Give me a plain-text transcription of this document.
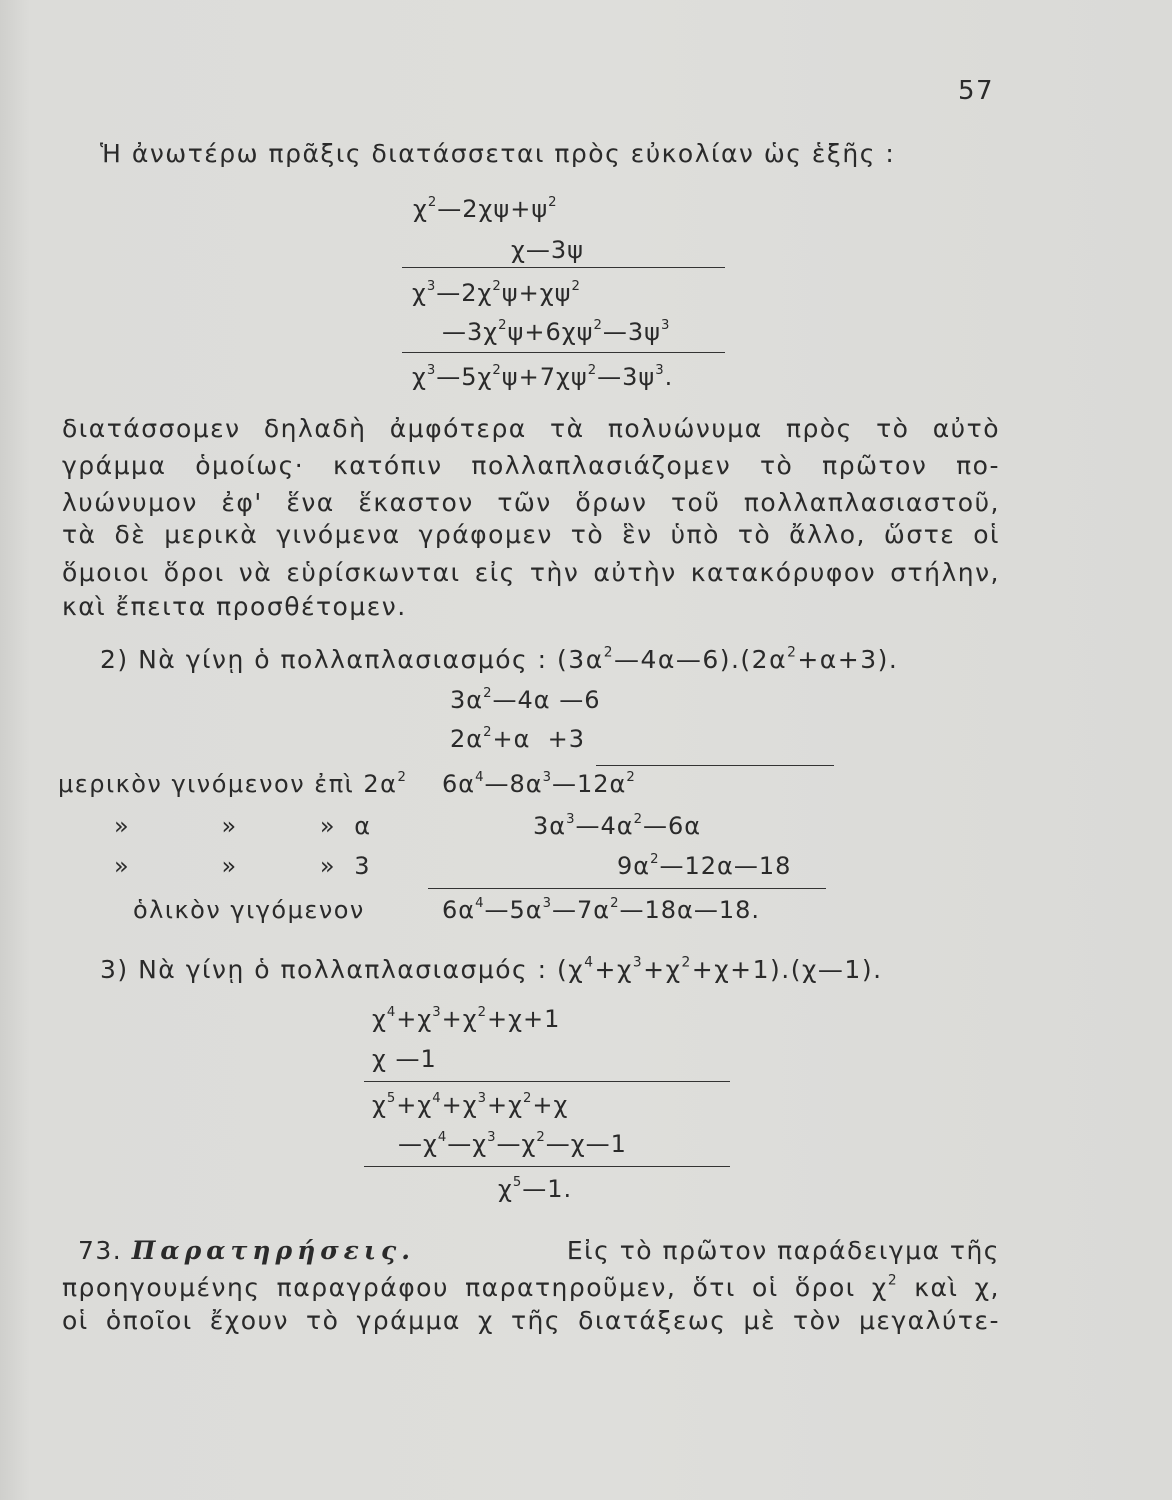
57
Ἡ ἀνωτέρω πρᾶξις διατάσσεται πρὸς εὐκολίαν ὡς ἑξῆς :
$\chi^2—2\chi\psi+\psi^2$
χ—3ψ
$\chi^3—2\chi^2\psi+\chi\psi^2$
$—3\chi^2\psi+6\chi\psi^2—3\psi^3$
$\chi^3—5\chi^2\psi+7\chi\psi^2—3\psi^3$.
διατάσσομεν δηλαδὴ ἀμφότερα τὰ πολυώνυμα πρὸς τὸ αὐτὸ
γράμμα ὁμοίως· κατόπιν πολλαπλασιάζομεν τὸ πρῶτον πο-
λυώνυμον ἐφ' ἕνα ἕκαστον τῶν ὅρων τοῦ πολλαπλασιαστοῦ,
τὰ δὲ μερικὰ γινόμενα γράφομεν τὸ ἓν ὑπὸ τὸ ἄλλο, ὥστε οἱ
ὅμοιοι ὅροι νὰ εὑρίσκωνται εἰς τὴν αὐτὴν κατακόρυφον στήλην,
καὶ ἔπειτα προσθέτομεν.
2) Νὰ γίνῃ ὁ πολλαπλασιασμός : $(3\alpha^2—4\alpha—6).(2\alpha^2+\alpha+3)$.
$3\alpha^2—4\alpha$ —6
$2\alpha^2+\alpha +3$
μερικὸν γινόμενον ἐπὶ $2\alpha^2$ $6\alpha^4—8\alpha^3—12\alpha^2$
»          »         »  α	$3\alpha^3—4\alpha^2—6\alpha$
»          »         »  3	$9\alpha^2—12\alpha—18$
ὁλικὸν γιγόμενον	$6\alpha^4—5\alpha^3—7\alpha^2—18\alpha—18$.
3) Νὰ γίνῃ ὁ πολλαπλασιασμός : $(\chi^4+\chi^3+\chi^2+\chi+1).(\chi—1)$.
$\chi^4+\chi^3+\chi^2+\chi+1$
χ —1
$\chi^5+\chi^4+\chi^3+\chi^2+\chi$
$—\chi^4—\chi^3—\chi^2—\chi—1$
$\chi^5—1$.
73. Παρατηρήσεις.	Εἰς τὸ πρῶτον παράδειγμα τῆς
προηγουμένης παραγράφου παρατηροῦμεν, ὅτι οἱ ὅροι $\chi^2$ καὶ χ,
οἱ ὁποῖοι ἔχουν τὸ γράμμα χ τῆς διατάξεως μὲ τὸν μεγαλύτε-
